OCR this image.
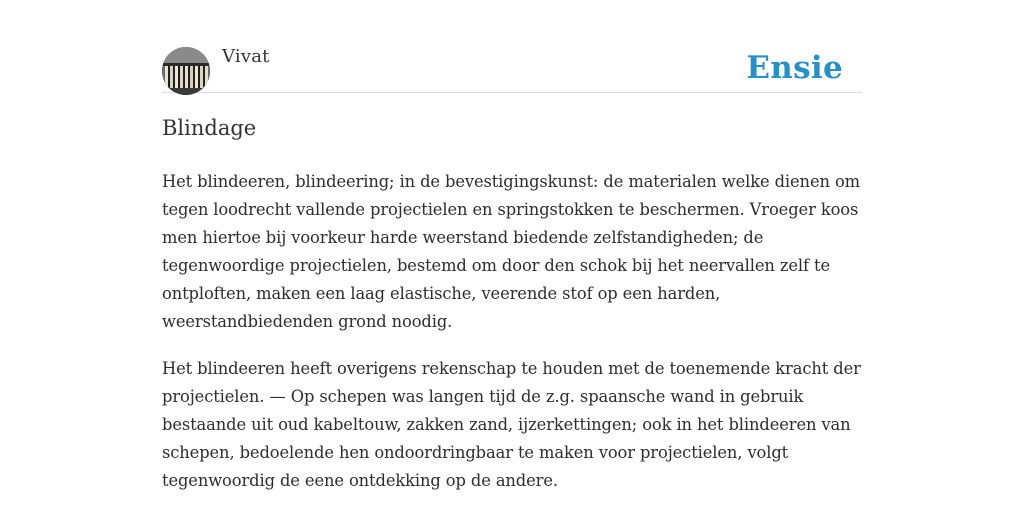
Vivat	Ensie
Blindage

Het blindeeren, blindeering; in de bevestigingskunst: de materialen welke dienen om tegen loodrecht vallende projectielen en springstokken te beschermen. Vroeger koos men hiertoe bij voorkeur harde weerstand biedende zelfstandigheden; de tegenwoordige projectielen, bestemd om door den schok bij het neervallen zelf te ontploften, maken een laag elastische, veerende stof op een harden, weerstandbiedenden grond noodig.

Het blindeeren heeft overigens rekenschap te houden met de toenemende kracht der projectielen. — Op schepen was langen tijd de z.g. spaansche wand in gebruik bestaande uit oud kabeltouw, zakken zand, ijzerkettingen; ook in het blindeeren van schepen, bedoelende hen ondoordringbaar te maken voor projectielen, volgt tegenwoordig de eene ontdekking op de andere.
